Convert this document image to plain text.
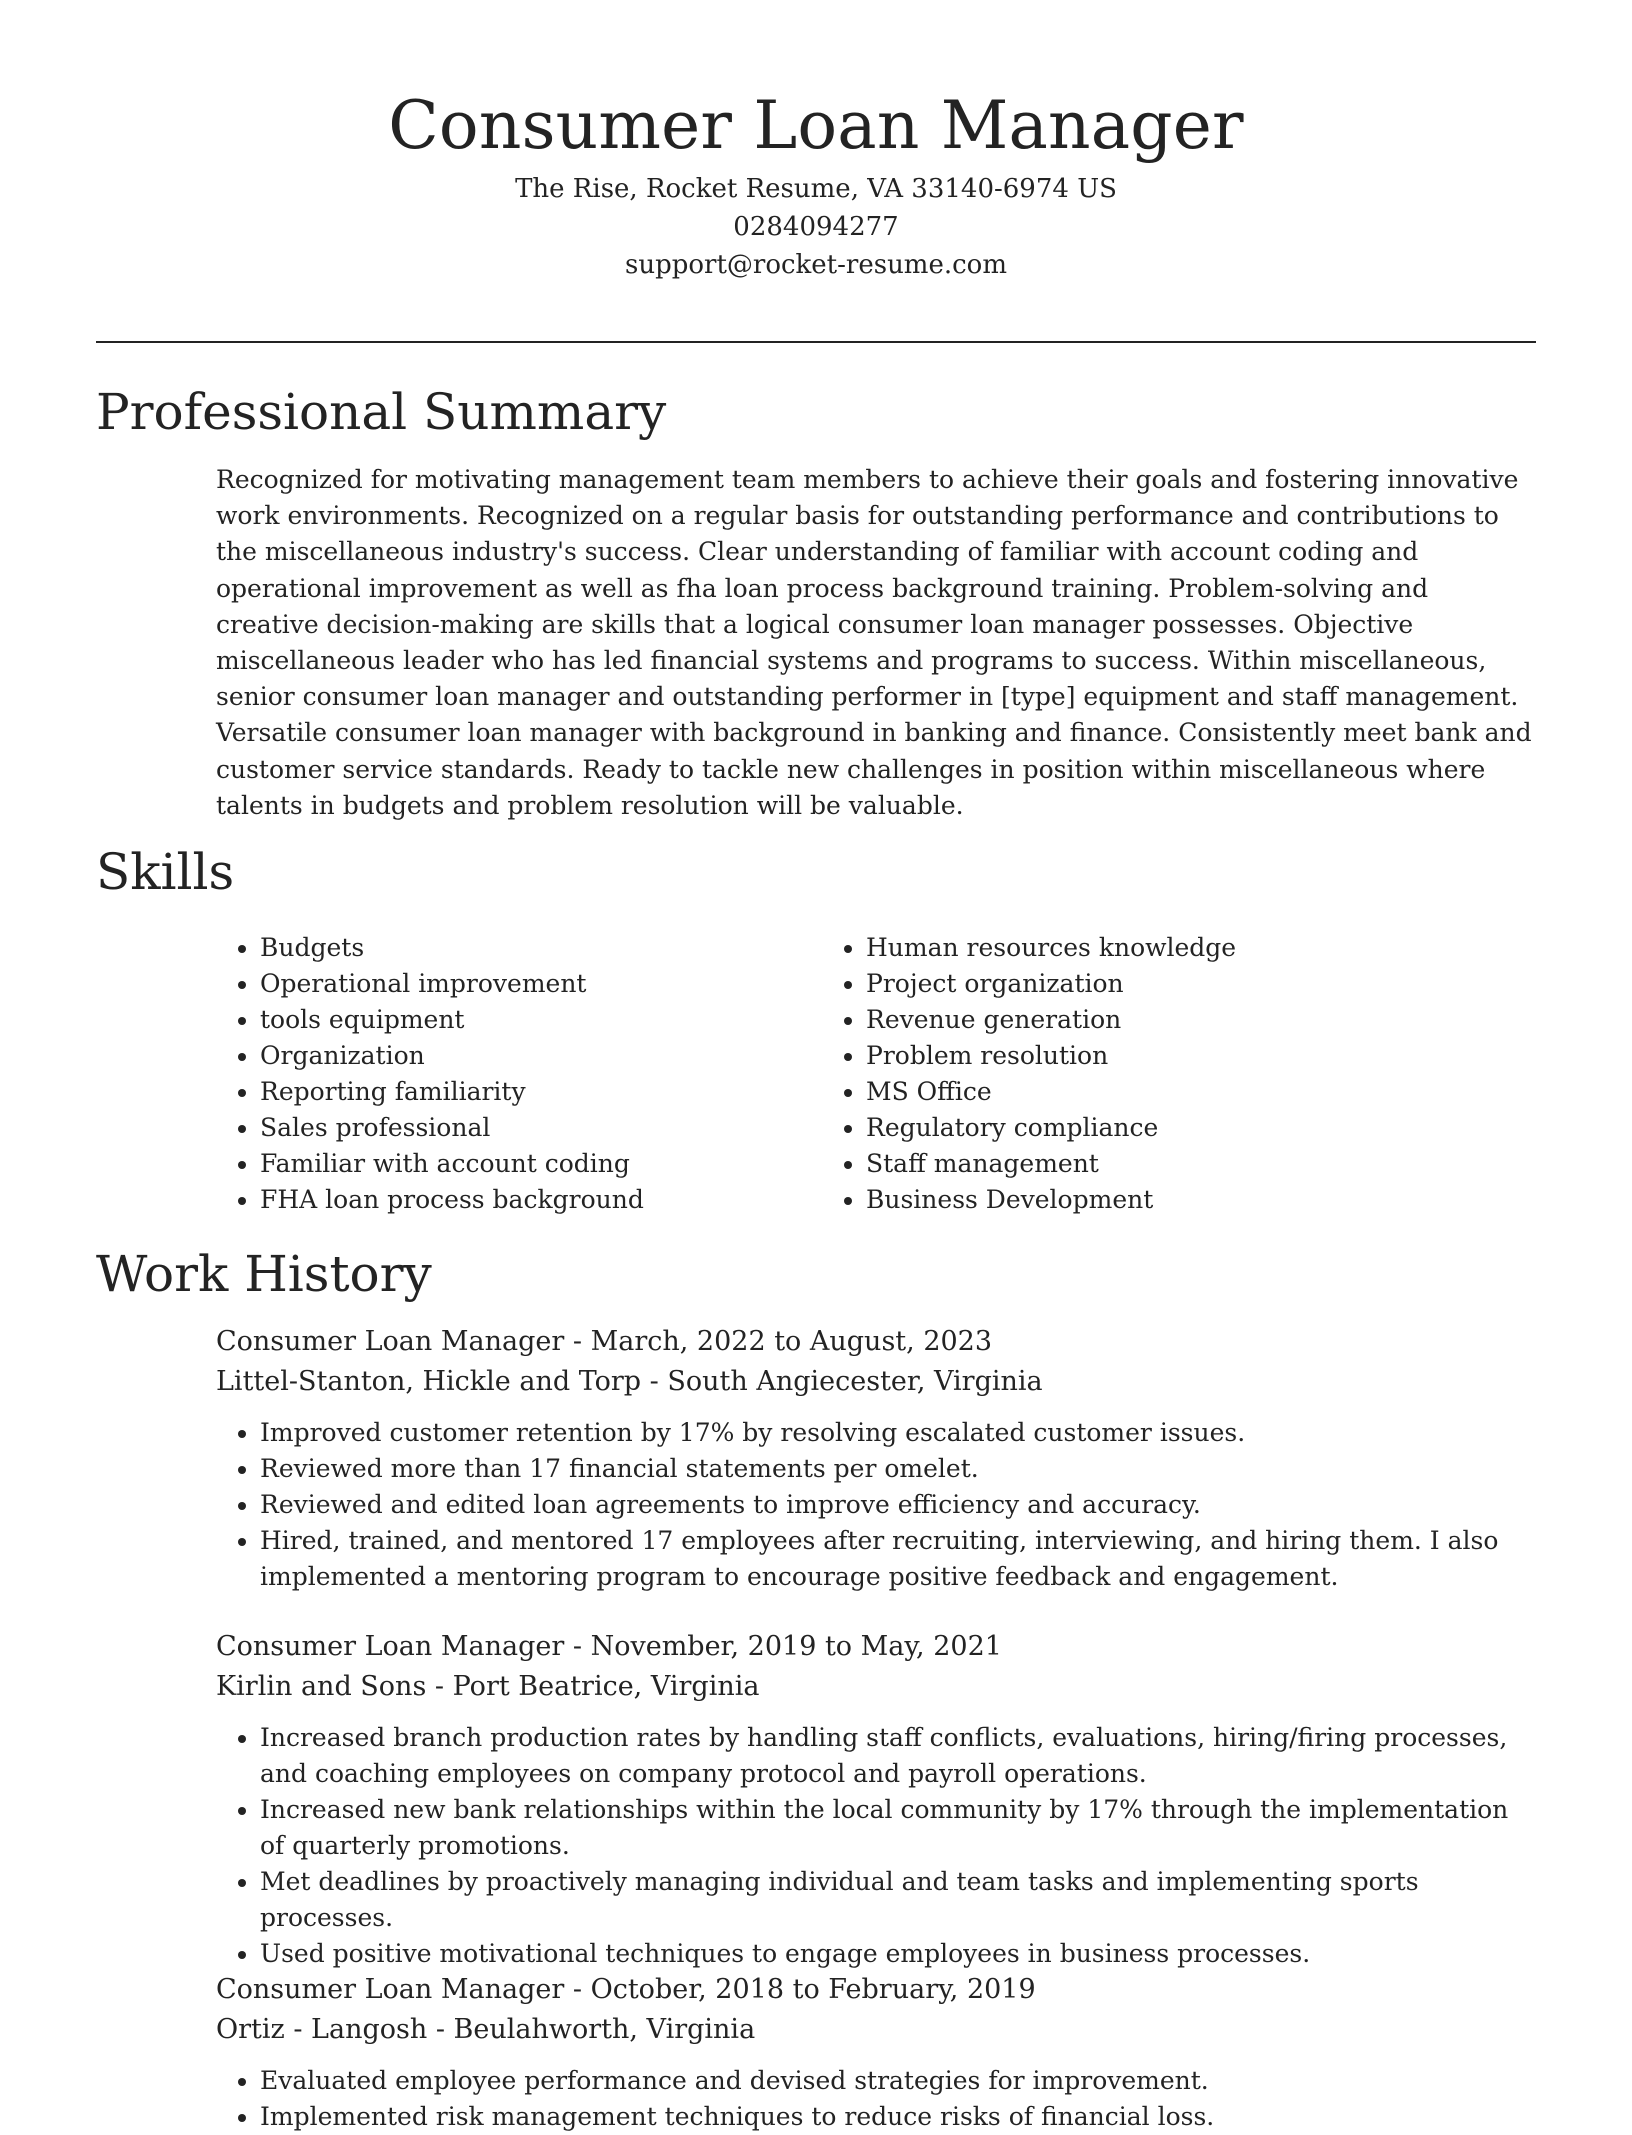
Consumer Loan Manager
The Rise, Rocket Resume, VA 33140-6974 US
0284094277
support@rocket-resume.com
Professional Summary

Recognized for motivating management team members to achieve their goals and fostering innovative work environments. Recognized on a regular basis for outstanding performance and contributions to the miscellaneous industry's success. Clear understanding of familiar with account coding and operational improvement as well as fha loan process background training. Problem-solving and creative decision-making are skills that a logical consumer loan manager possesses. Objective miscellaneous leader who has led financial systems and programs to success. Within miscellaneous, senior consumer loan manager and outstanding performer in [type] equipment and staff management. Versatile consumer loan manager with background in banking and finance. Consistently meet bank and customer service standards. Ready to tackle new challenges in position within miscellaneous where talents in budgets and problem resolution will be valuable.

Skills
• Budgets
• Operational improvement
• tools equipment
• Organization
• Reporting familiarity
• Sales professional
• Familiar with account coding
• FHA loan process background
• Human resources knowledge
• Project organization
• Revenue generation
• Problem resolution
• MS Office
• Regulatory compliance
• Staff management
• Business Development
Work History
Consumer Loan Manager - March, 2022 to August, 2023
Littel-Stanton, Hickle and Torp - South Angiecester, Virginia
• Improved customer retention by 17% by resolving escalated customer issues.
• Reviewed more than 17 financial statements per omelet.
• Reviewed and edited loan agreements to improve efficiency and accuracy.
• Hired, trained, and mentored 17 employees after recruiting, interviewing, and hiring them. I also implemented a mentoring program to encourage positive feedback and engagement.
Consumer Loan Manager - November, 2019 to May, 2021
Kirlin and Sons - Port Beatrice, Virginia
• Increased branch production rates by handling staff conflicts, evaluations, hiring/firing processes, and coaching employees on company protocol and payroll operations.
• Increased new bank relationships within the local community by 17% through the implementation of quarterly promotions.
• Met deadlines by proactively managing individual and team tasks and implementing sports processes.
• Used positive motivational techniques to engage employees in business processes.
Consumer Loan Manager - October, 2018 to February, 2019
Ortiz - Langosh - Beulahworth, Virginia
• Evaluated employee performance and devised strategies for improvement.
• Implemented risk management techniques to reduce risks of financial loss.
